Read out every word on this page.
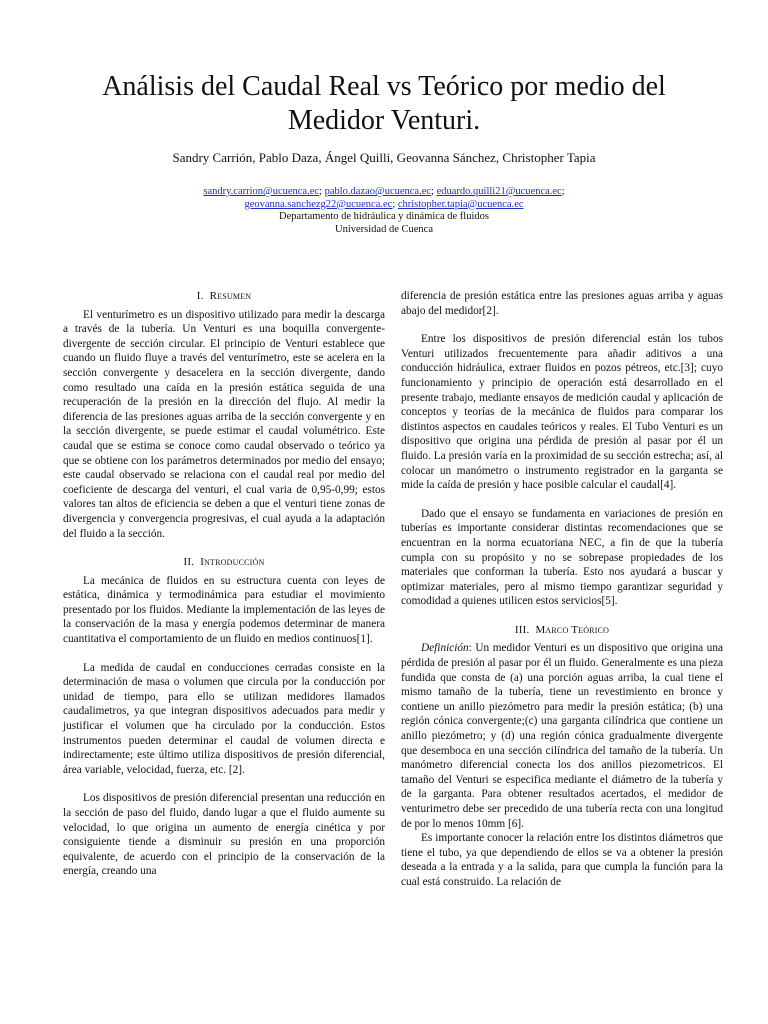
Análisis del Caudal Real vs Teórico por medio del Medidor Venturi.
Sandry Carrión, Pablo Daza, Ángel Quilli, Geovanna Sánchez, Christopher Tapia
sandry.carrion@ucuenca.ec; pablo.dazao@ucuenca.ec; eduardo.quilli21@ucuenca.ec;
geovanna.sanchezg22@ucuenca.ec; christopher.tapia@ucuenca.ec
Departamento de hidráulica y dinámica de fluidos
Universidad de Cuenca
I. Resumen

El venturímetro es un dispositivo utilizado para medir la descarga a través de la tubería. Un Venturi es una boquilla convergente-divergente de sección circular. El principio de Venturi establece que cuando un fluido fluye a través del venturímetro, este se acelera en la sección convergente y desacelera en la sección divergente, dando como resultado una caída en la presión estática seguida de una recuperación de la presión en la dirección del flujo. Al medir la diferencia de las presiones aguas arriba de la sección convergente y en la sección divergente, se puede estimar el caudal volumétrico. Este caudal que se estima se conoce como caudal observado o teórico ya que se obtiene con los parámetros determinados por medio del ensayo; este caudal observado se relaciona con el caudal real por medio del coeficiente de descarga del venturi, el cual varia de 0,95-0,99; estos valores tan altos de eficiencia se deben a que el venturi tiene zonas de divergencia y convergencia progresivas, el cual ayuda a la adaptación del fluido a la sección.

II. Introducción

La mecánica de fluidos en su estructura cuenta con leyes de estática, dinámica y termodinámica para estudiar el movimiento presentado por los fluidos. Mediante la implementación de las leyes de la conservación de la masa y energía podemos determinar de manera cuantitativa el comportamiento de un fluido en medios continuos[1].

La medida de caudal en conducciones cerradas consiste en la determinación de masa o volumen que circula por la conducción por unidad de tiempo, para ello se utilizan medidores llamados caudalimetros, ya que integran dispositivos adecuados para medir y justificar el volumen que ha circulado por la conducción. Estos instrumentos pueden determinar el caudal de volumen directa e indirectamente; este último utiliza dispositivos de presión diferencial, área variable, velocidad, fuerza, etc. [2].

Los dispositivos de presión diferencial presentan una reducción en la sección de paso del fluido, dando lugar a que el fluido aumente su velocidad, lo que origina un aumento de energía cinética y por consiguiente tiende a disminuir su presión en una proporción equivalente, de acuerdo con el principio de la conservación de la energía, creando una

diferencia de presión estática entre las presiones aguas arriba y aguas abajo del medidor[2].

Entre los dispositivos de presión diferencial están los tubos Venturi utilizados frecuentemente para añadir aditivos a una conducción hidráulica, extraer fluidos en pozos pétreos, etc.[3]; cuyo funcionamiento y principio de operación está desarrollado en el presente trabajo, mediante ensayos de medición caudal y aplicación de conceptos y teorías de la mecánica de fluidos para comparar los distintos aspectos en caudales teóricos y reales. El Tubo Venturi es un dispositivo que origina una pérdida de presión al pasar por él un fluido. La presión varía en la proximidad de su sección estrecha; así, al colocar un manómetro o instrumento registrador en la garganta se mide la caída de presión y hace posible calcular el caudal[4].

Dado que el ensayo se fundamenta en variaciones de presión en tuberías es importante considerar distintas recomendaciones que se encuentran en la norma ecuatoriana NEC, a fin de que la tubería cumpla con su propósito y no se sobrepase propiedades de los materiales que conforman la tubería. Esto nos ayudará a buscar y optimizar materiales, pero al mismo tiempo garantizar seguridad y comodidad a quienes utilicen estos servicios[5].

III. Marco Teórico

Definición: Un medidor Venturi es un dispositivo que origina una pérdida de presión al pasar por él un fluido. Generalmente es una pieza fundida que consta de (a) una porción aguas arriba, la cual tiene el mismo tamaño de la tubería, tiene un revestimiento en bronce y contiene un anillo piezómetro para medir la presión estática; (b) una región cónica convergente;(c) una garganta cilíndrica que contiene un anillo piezómetro; y (d) una región cónica gradualmente divergente que desemboca en una sección cilíndrica del tamaño de la tubería. Un manómetro diferencial conecta los dos anillos piezometricos. El tamaño del Venturi se especifica mediante el diámetro de la tubería y de la garganta. Para obtener resultados acertados, el medidor de venturimetro debe ser precedido de una tubería recta con una longitud de por lo menos 10mm [6].

Es importante conocer la relación entre los distintos diámetros que tiene el tubo, ya que dependiendo de ellos se va a obtener la presión deseada a la entrada y a la salida, para que cumpla la función para la cual está construido. La relación de
